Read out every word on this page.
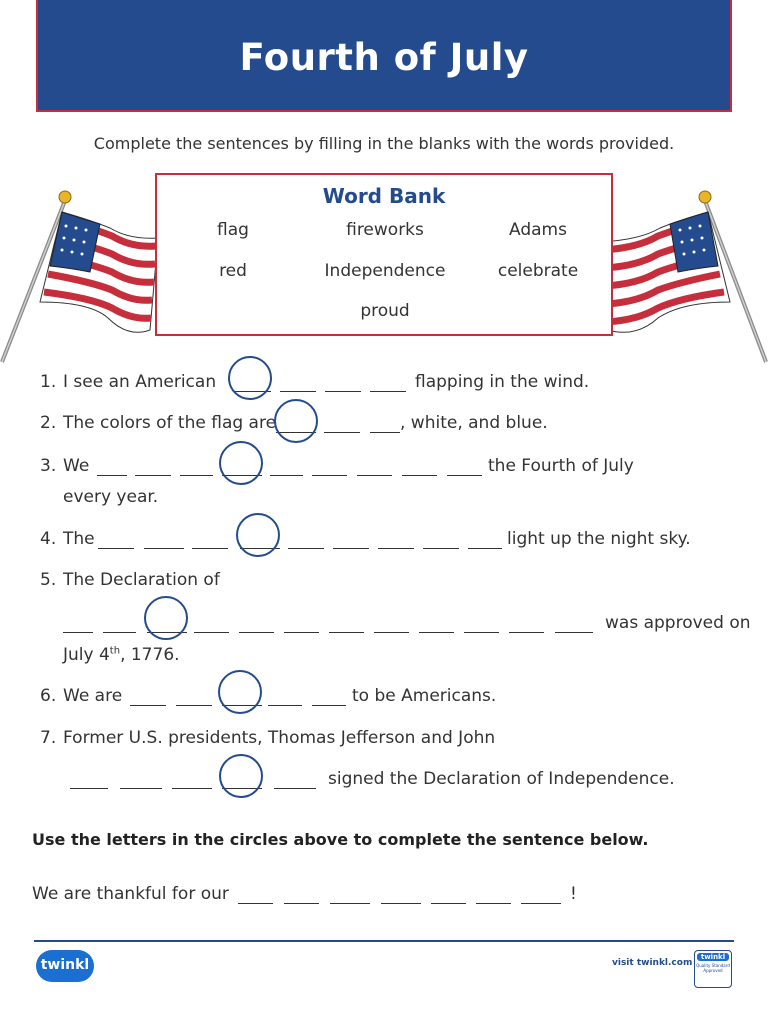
Fourth of July
Complete the sentences by filling in the blanks with the words provided.
Word Bank
flag	fireworks	Adams
red	Independence	celebrate
proud
1. I see an American	flapping in the wind.
2. The colors of the flag are	, white, and blue.
3. We	the Fourth of July
every year.
4. The	light up the night sky.
5. The Declaration of
was approved on
July 4th, 1776.
6. We are	to be Americans.
7. Former U.S. presidents, Thomas Jefferson and John
signed the Declaration of Independence.
Use the letters in the circles above to complete the sentence below.
We are thankful for our	!
twinkl	visit twinkl.com
twinkl
Quality Standard Approved
